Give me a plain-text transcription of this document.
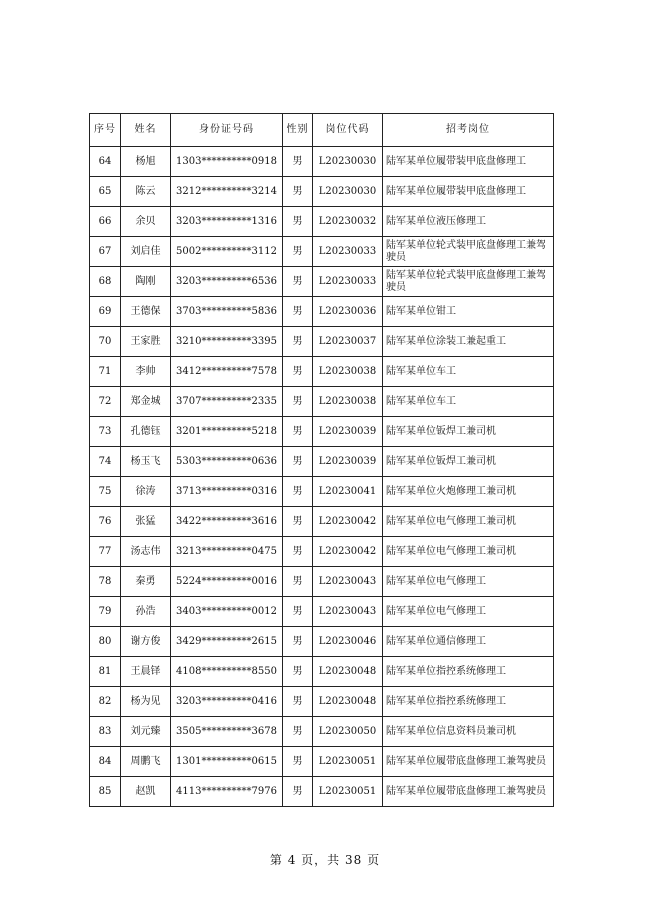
序号	姓名	身份证号码	性别	岗位代码	招考岗位
64	杨旭	1303**********0918	男	L20230030	陆军某单位履带装甲底盘修理工
65	陈云	3212**********3214	男	L20230030	陆军某单位履带装甲底盘修理工
66	余贝	3203**********1316	男	L20230032	陆军某单位液压修理工
67	刘启佳	5002**********3112	男	L20230033	陆军某单位轮式装甲底盘修理工兼驾驶员
68	陶刚	3203**********6536	男	L20230033	陆军某单位轮式装甲底盘修理工兼驾驶员
69	王德保	3703**********5836	男	L20230036	陆军某单位钳工
70	王家胜	3210**********3395	男	L20230037	陆军某单位涂装工兼起重工
71	李帅	3412**********7578	男	L20230038	陆军某单位车工
72	郑金城	3707**********2335	男	L20230038	陆军某单位车工
73	孔德钰	3201**********5218	男	L20230039	陆军某单位钣焊工兼司机
74	杨玉飞	5303**********0636	男	L20230039	陆军某单位钣焊工兼司机
75	徐涛	3713**********0316	男	L20230041	陆军某单位火炮修理工兼司机
76	张猛	3422**********3616	男	L20230042	陆军某单位电气修理工兼司机
77	汤志伟	3213**********0475	男	L20230042	陆军某单位电气修理工兼司机
78	秦勇	5224**********0016	男	L20230043	陆军某单位电气修理工
79	孙浩	3403**********0012	男	L20230043	陆军某单位电气修理工
80	谢方俊	3429**********2615	男	L20230046	陆军某单位通信修理工
81	王晨铎	4108**********8550	男	L20230048	陆军某单位指控系统修理工
82	杨为见	3203**********0416	男	L20230048	陆军某单位指控系统修理工
83	刘元臻	3505**********3678	男	L20230050	陆军某单位信息资料员兼司机
84	周鹏飞	1301**********0615	男	L20230051	陆军某单位履带底盘修理工兼驾驶员
85	赵凯	4113**********7976	男	L20230051	陆军某单位履带底盘修理工兼驾驶员
第 4 页，共 38 页
